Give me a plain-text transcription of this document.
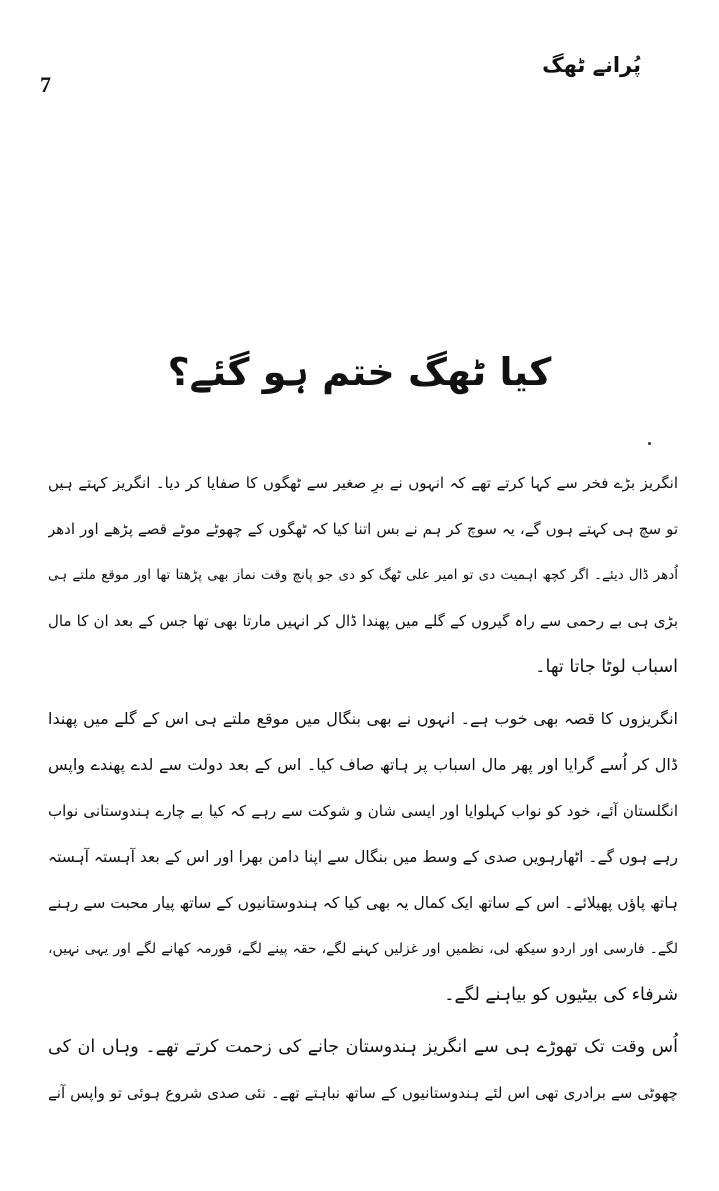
7
پُرانے ٹھگ
کیا ٹھگ ختم ہو گئے؟
انگریز بڑے فخر سے کہا کرتے تھے کہ انہوں نے برِ صغیر سے ٹھگوں کا صفایا کر دیا۔ انگریز کہتے ہیں
تو سچ ہی کہتے ہوں گے، یہ سوچ کر ہم نے بس اتنا کیا کہ ٹھگوں کے چھوٹے موٹے قصے پڑھے اور ادھر
اُدھر ڈال دیئے۔ اگر کچھ اہمیت دی تو امیر علی ٹھگ کو دی جو پانچ وقت نماز بھی پڑھتا تھا اور موقع ملتے ہی
بڑی ہی بے رحمی سے راہ گیروں کے گلے میں پھندا ڈال کر انہیں مارتا بھی تھا جس کے بعد ان کا مال
اسباب لوٹا جاتا تھا۔
انگریزوں کا قصہ بھی خوب ہے۔ انہوں نے بھی بنگال میں موقع ملتے ہی اس کے گلے میں پھندا
ڈال کر اُسے گرایا اور پھر مال اسباب پر ہاتھ صاف کیا۔ اس کے بعد دولت سے لدے پھندے واپس
انگلستان آئے، خود کو نواب کہلوایا اور ایسی شان و شوکت سے رہے کہ کیا بے چارے ہندوستانی نواب
رہے ہوں گے۔ اٹھارہویں صدی کے وسط میں بنگال سے اپنا دامن بھرا اور اس کے بعد آہستہ آہستہ
ہاتھ پاؤں پھیلائے۔ اس کے ساتھ ایک کمال یہ بھی کیا کہ ہندوستانیوں کے ساتھ پیار محبت سے رہنے
لگے۔ فارسی اور اردو سیکھ لی، نظمیں اور غزلیں کہنے لگے، حقہ پینے لگے، قورمہ کھانے لگے اور یہی نہیں،
شرفاء کی بیٹیوں کو بیاہنے لگے۔
اُس وقت تک تھوڑے ہی سے انگریز ہندوستان جانے کی زحمت کرتے تھے۔ وہاں ان کی
چھوٹی سے برادری تھی اس لئے ہندوستانیوں کے ساتھ نباہتے تھے۔ نئی صدی شروع ہوئی تو واپس آنے
